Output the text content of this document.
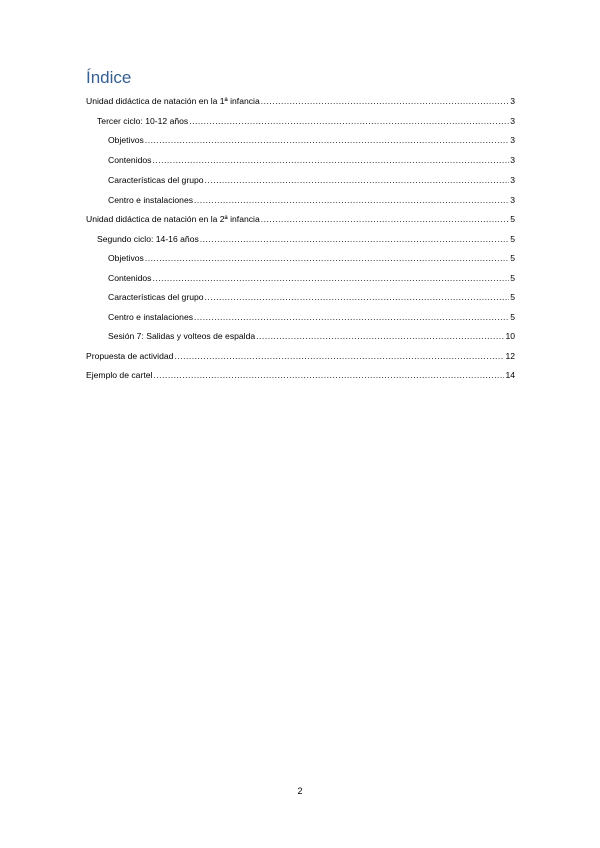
Índice
Unidad didáctica de natación en la 1ª infancia .....	3
Tercer ciclo: 10-12 años .....	3
Objetivos .....	3
Contenidos .....	3
Características del grupo .....	3
Centro e instalaciones .....	3
Unidad didáctica de natación en la 2ª infancia .....	5
Segundo ciclo: 14-16 años .....	5
Objetivos .....	5
Contenidos .....	5
Características del grupo .....	5
Centro e instalaciones .....	5
Sesión 7: Salidas y volteos de espalda .....	10
Propuesta de actividad .....	12
Ejemplo de cartel .....	14
2
